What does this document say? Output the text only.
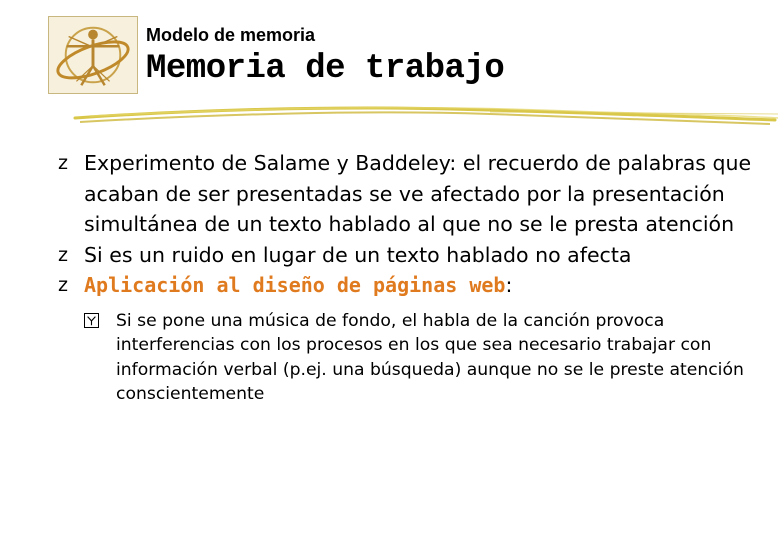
Modelo de memoria
Memoria de trabajo

z Experimento de Salame y Baddeley: el recuerdo de palabras que acaban de ser presentadas se ve afectado por la presentación simultánea de un texto hablado al que no se le presta atención

z Si es un ruido en lugar de un texto hablado no afecta

z Aplicación al diseño de páginas web:

Si se pone una música de fondo, el habla de la canción provoca interferencias con los procesos en los que sea necesario trabajar con información verbal (p.ej. una búsqueda) aunque no se le preste atención conscientemente
